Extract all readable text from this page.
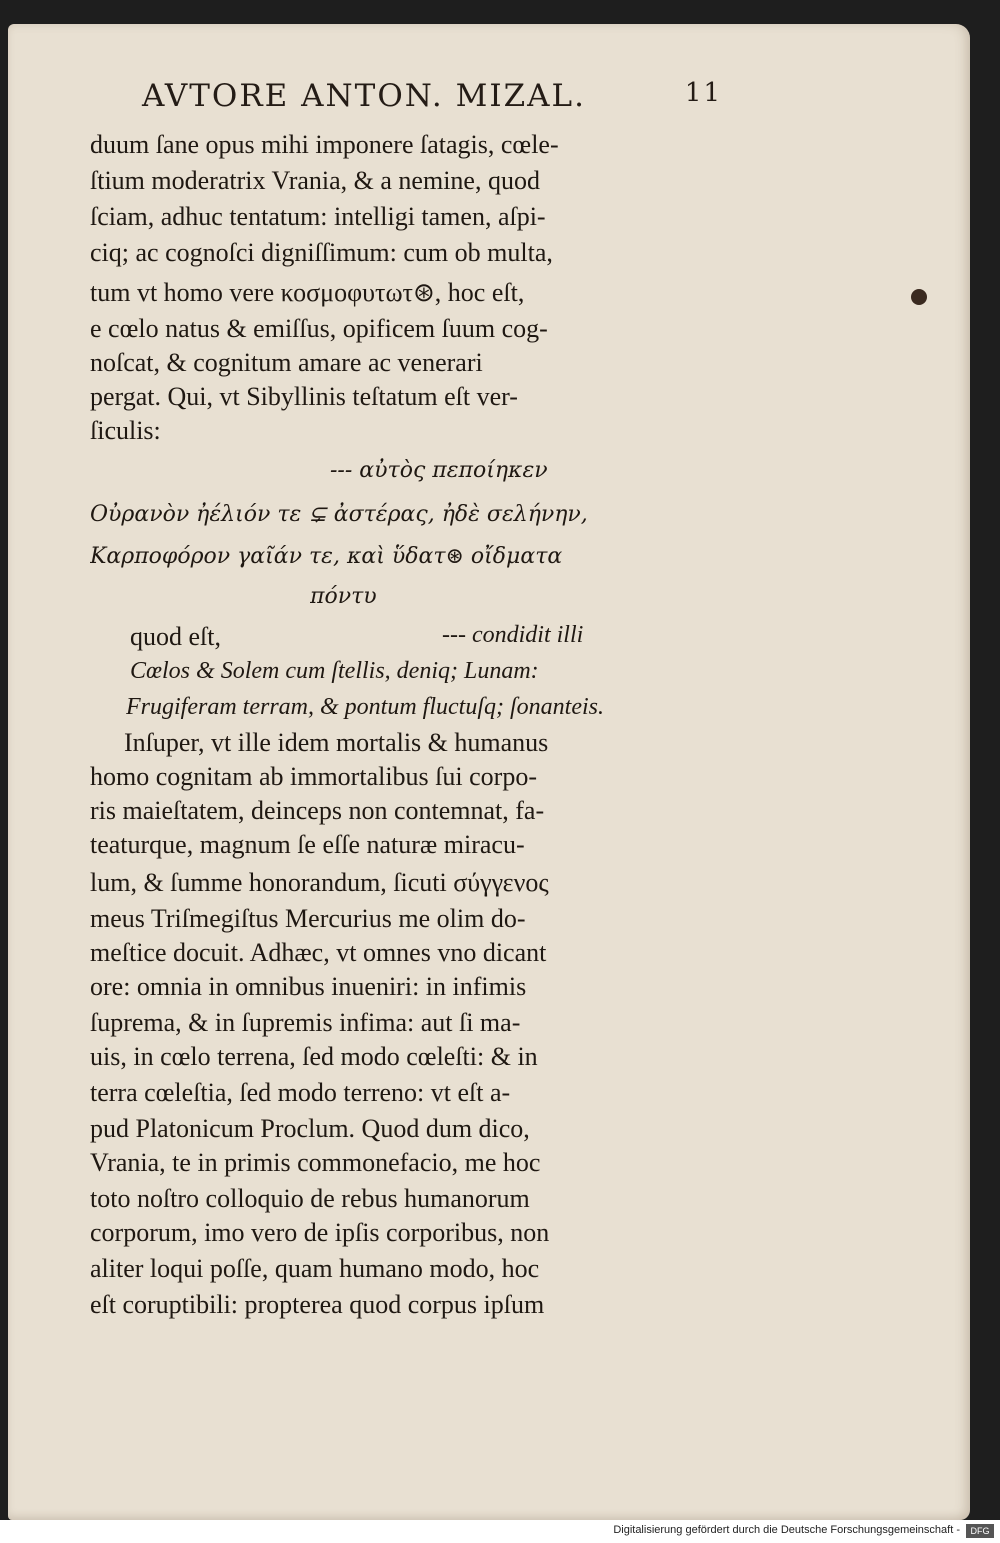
AVTORE ANTON. MIZAL.	11
duum ſane opus mihi imponere ſatagis, cœle-
ſtium moderatrix Vrania, & a nemine, quod
ſciam, adhuc tentatum: intelligi tamen, aſpi-
ciq; ac cognoſci digniſſimum: cum ob multa,
tum vt homo vere κοσμοφυτωτ⊛, hoc eſt,
e cœlo natus & emiſſus, opificem ſuum cog-
noſcat, & cognitum amare ac venerari
pergat. Qui, vt Sibyllinis teſtatum eſt ver-
ſiculis:
--- αὐτὸς πεποίηκεν
Οὐρανὸν ἠέλιόν τε ⊊ ἀστέρας, ἠδὲ σελήνην,
Καρποφόρον γαῖάν τε, καὶ ὕδατ⊛ οἴδματα
πόντυ
quod eſt,	--- condidit illi
Cœlos & Solem cum ſtellis, deniq; Lunam:
Frugiferam terram, & pontum fluctuſq; ſonanteis.
Inſuper, vt ille idem mortalis & humanus
homo cognitam ab immortalibus ſui corpo-
ris maieſtatem, deinceps non contemnat, fa-
teaturque, magnum ſe eſſe naturæ miracu-
lum, & ſumme honorandum, ſicuti σύγγενος
meus Triſmegiſtus Mercurius me olim do-
meſtice docuit. Adhæc, vt omnes vno dicant
ore: omnia in omnibus inueniri: in infimis
ſuprema, & in ſupremis infima: aut ſi ma-
uis, in cœlo terrena, ſed modo cœleſti: & in
terra cœleſtia, ſed modo terreno: vt eſt a-
pud Platonicum Proclum. Quod dum dico,
Vrania, te in primis commonefacio, me hoc
toto noſtro colloquio de rebus humanorum
corporum, imo vero de ipſis corporibus, non
aliter loqui poſſe, quam humano modo, hoc
eſt coruptibili: propterea quod corpus ipſum
Digitalisierung gefördert durch die Deutsche Forschungsgemeinschaft -	DFG
